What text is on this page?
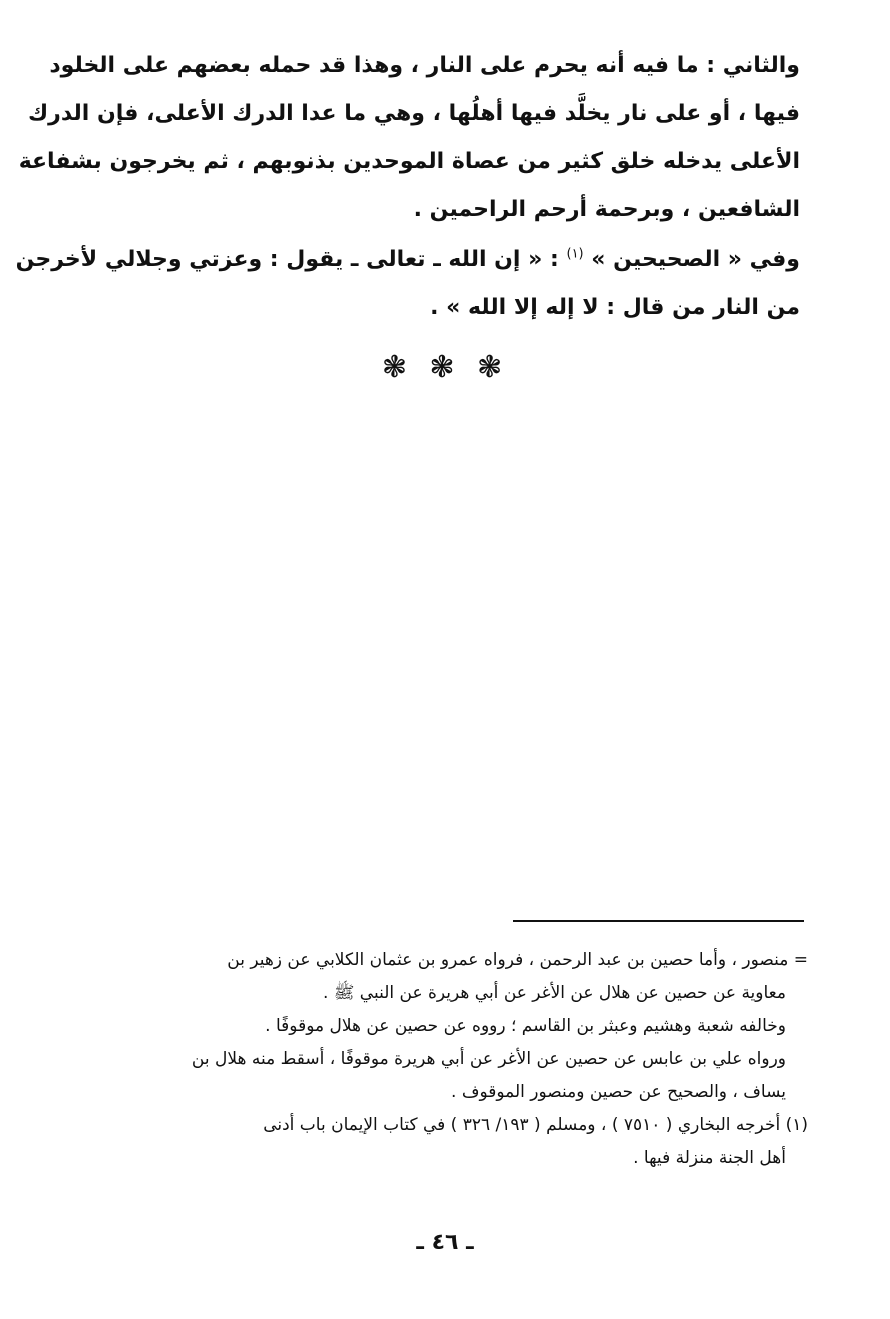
والثاني : ما فيه أنه يحرم على النار ، وهذا قد حمله بعضهم على الخلود
فيها ، أو على نار يخلَّد فيها أهلُها ، وهي ما عدا الدرك الأعلى، فإن الدرك
الأعلى يدخله خلق كثير من عصاة الموحدين بذنوبهم ، ثم يخرجون بشفاعة
الشافعين ، وبرحمة أرحم الراحمين .
وفي « الصحيحين » $^{(١)}$ : « إن الله ـ تعالى ـ يقول : وعزتي وجلالي لأخرجن
من النار من قال : لا إله إلا الله » .
❃ ❃ ❃
= منصور ، وأما حصين بن عبد الرحمن ، فرواه عمرو بن عثمان الكلابي عن زهير بن
معاوية عن حصين عن هلال عن الأغر عن أبي هريرة عن النبي ﷺ .
وخالفه شعبة وهشيم وعبثر بن القاسم ؛ رووه عن حصين عن هلال موقوفًا .
ورواه علي بن عابس عن حصين عن الأغر عن أبي هريرة موقوفًا ، أسقط منه هلال بن
يساف ، والصحيح عن حصين ومنصور الموقوف .
(١) أخرجه البخاري ( ٧٥١٠ ) ، ومسلم ( ١٩٣/ ٣٢٦ ) في كتاب الإيمان باب أدنى
أهل الجنة منزلة فيها .
ـ ٤٦ ـ
